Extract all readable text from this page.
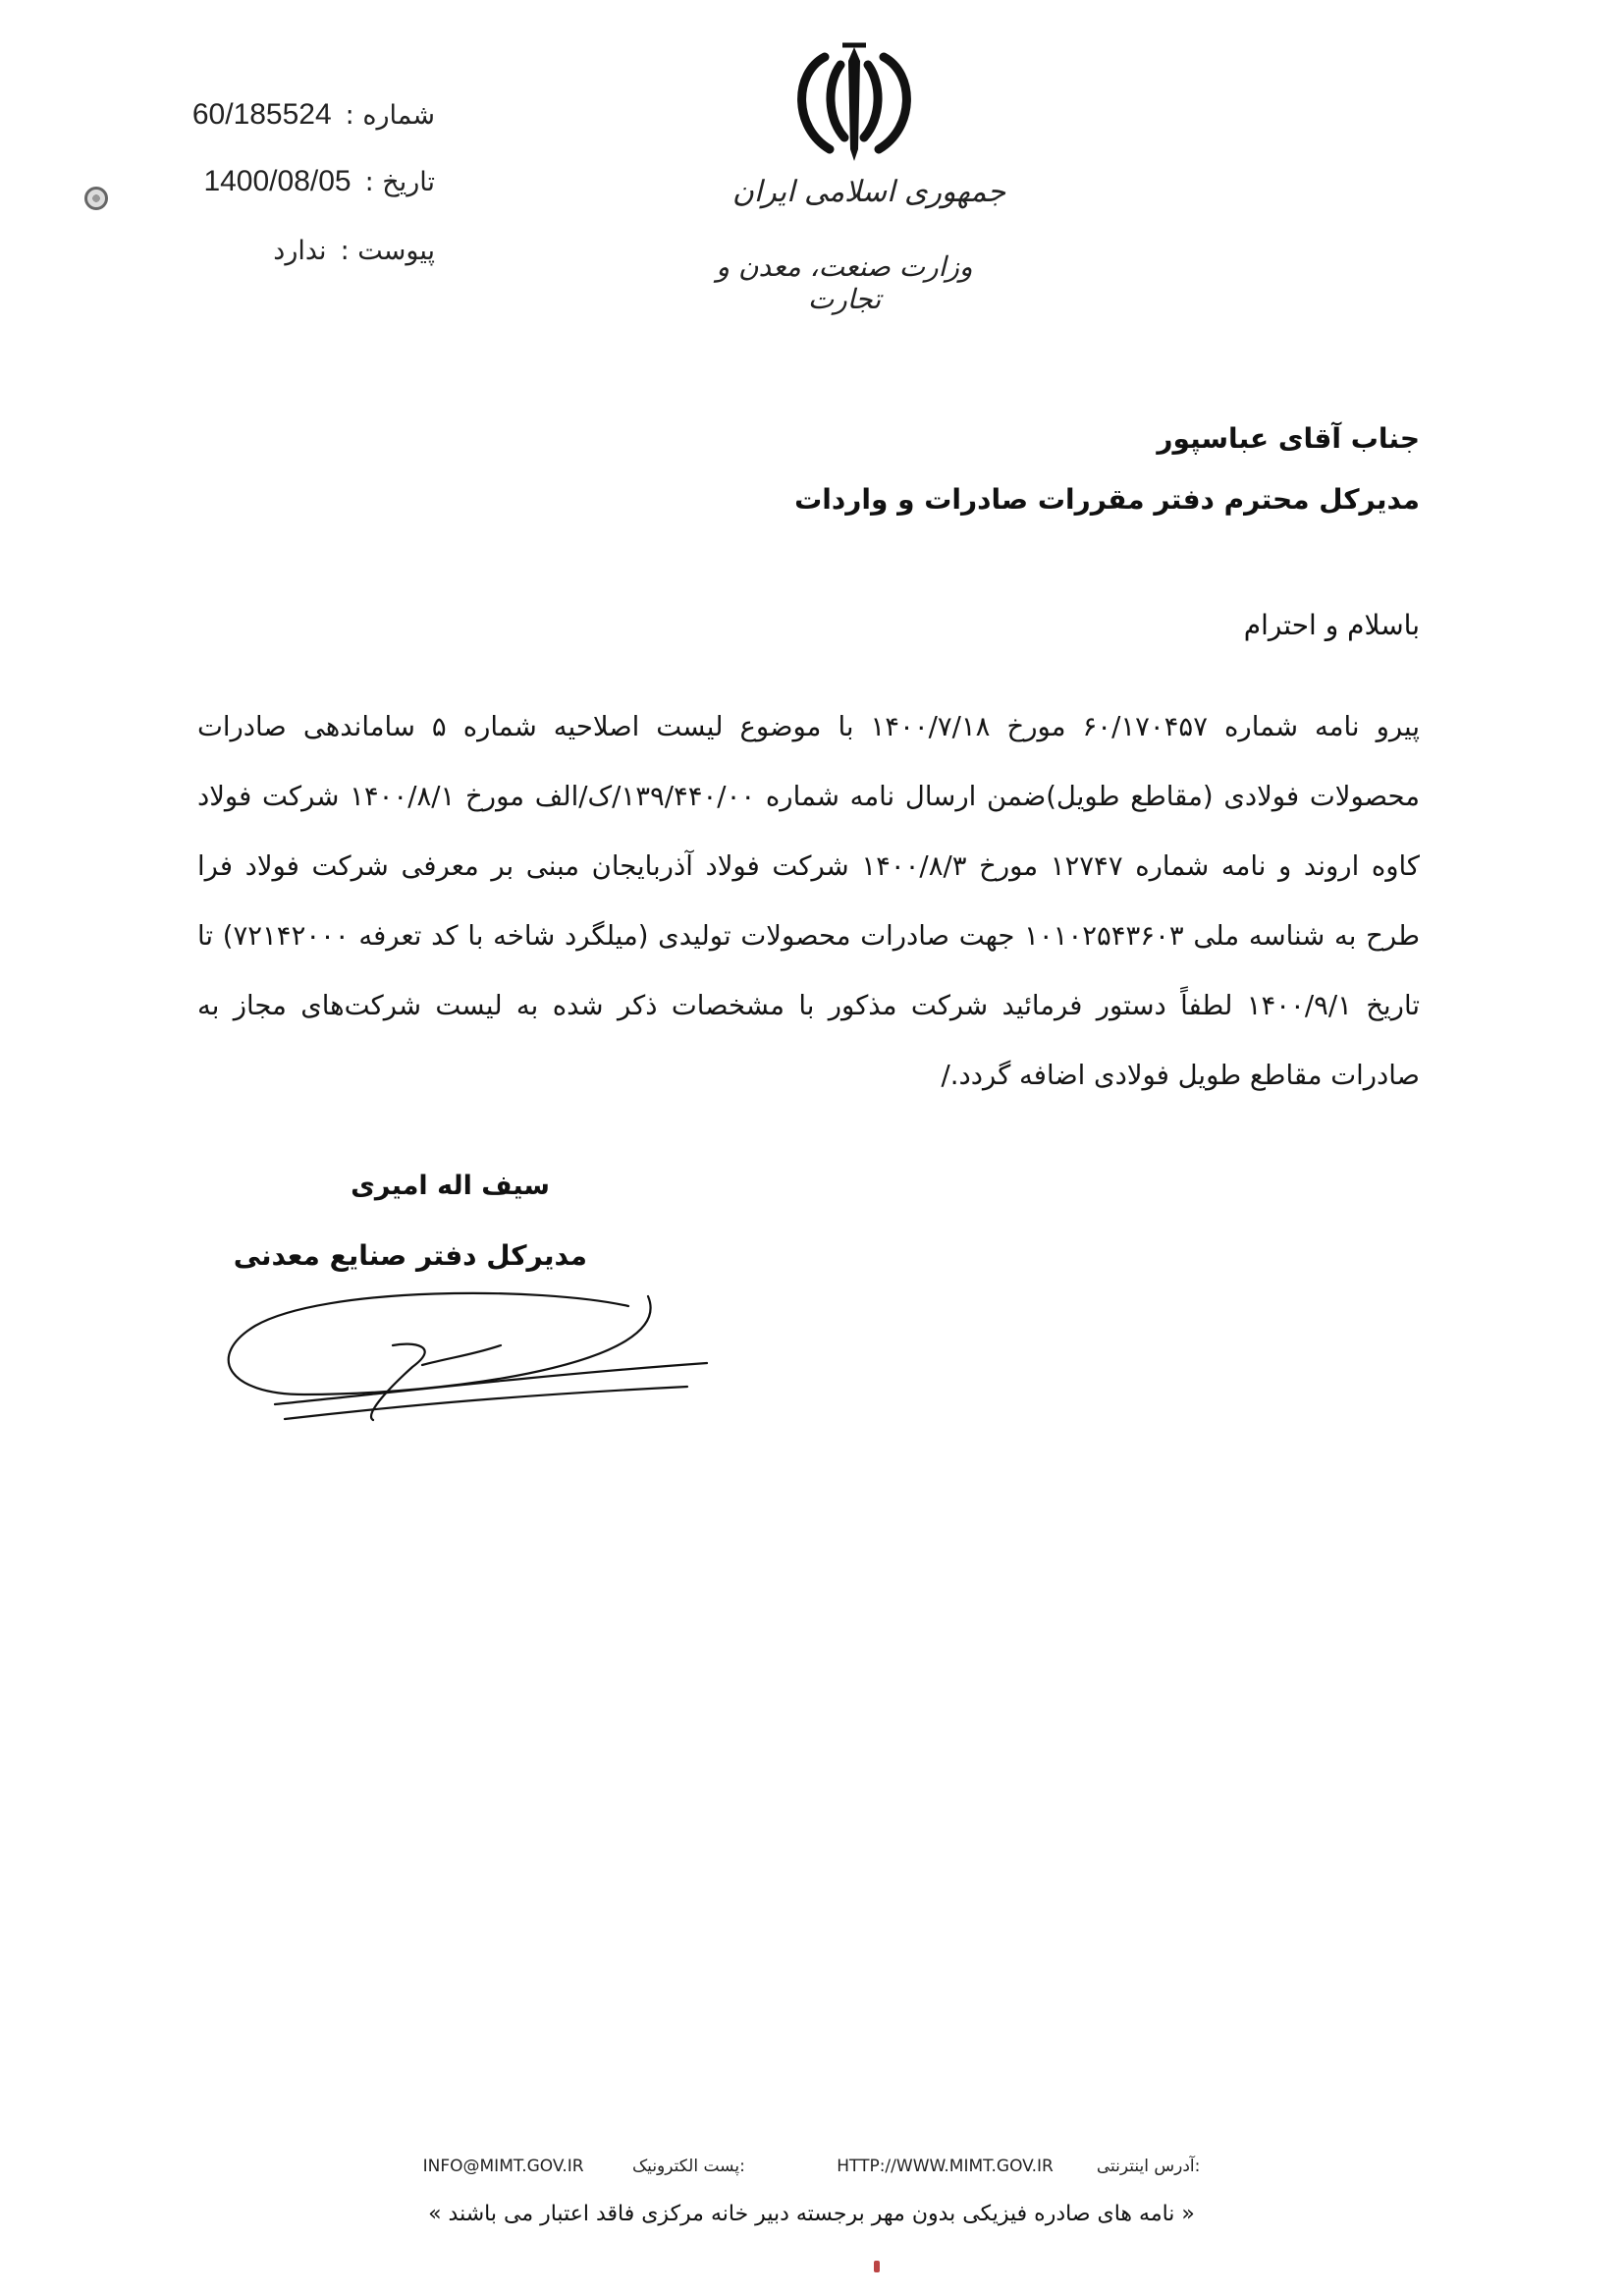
شماره :60/185524
تاریخ :1400/08/05
پیوست :ندارد
جمهوری اسلامی ایران
وزارت صنعت، معدن و تجارت
جناب آقای عباسپور
مدیرکل محترم دفتر مقررات صادرات و واردات
باسلام و احترام
پیرو نامه شماره ۶۰/۱۷۰۴۵۷ مورخ ۱۴۰۰/۷/۱۸ با موضوع لیست اصلاحیه شماره ۵ ساماندهی صادرات محصولات فولادی (مقاطع طویل)ضمن ارسال نامه شماره ۱۳۹/۴۴۰/۰۰/ک/الف مورخ ۱۴۰۰/۸/۱ شرکت فولاد کاوه اروند و نامه شماره ۱۲۷۴۷ مورخ ۱۴۰۰/۸/۳ شرکت فولاد آذربایجان مبنی بر معرفی شرکت فولاد فرا طرح به شناسه ملی ۱۰۱۰۲۵۴۳۶۰۳ جهت صادرات محصولات تولیدی (میلگرد شاخه با کد تعرفه ۷۲۱۴۲۰۰۰) تا تاریخ ۱۴۰۰/۹/۱ لطفاً دستور فرمائید شرکت مذکور با مشخصات ذکر شده به لیست شرکت‌های مجاز به صادرات مقاطع طویل فولادی اضافه گردد./
سیف اله امیری
مدیرکل دفتر صنایع معدنی
INFO@MIMT.GOV.IR	پست الکترونیک:	HTTP://WWW.MIMT.GOV.IR	آدرس اینترنتی:
« نامه های صادره فیزیکی بدون مهر برجسته دبیر خانه مرکزی فاقد اعتبار می باشند »
